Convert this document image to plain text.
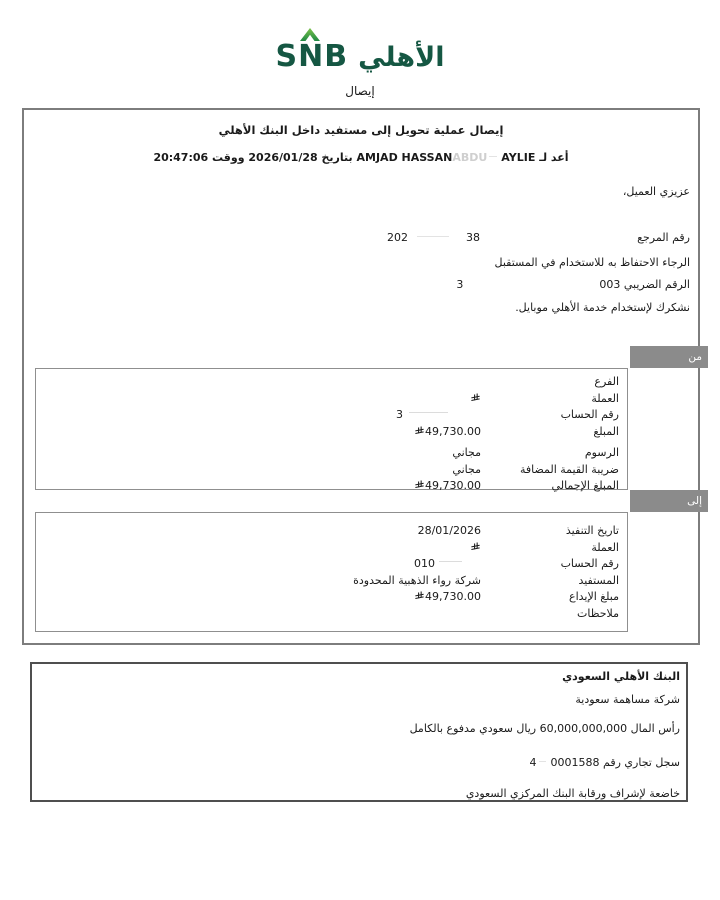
SNB الأهلي
إيصال
إيصال عملية تحويل إلى مستفيد داخل البنك الأهلي
أعد لـ AMJAD HASSANABDU AYLIE بتاريخ 2026/01/28 ووقت 20:47:06
عزيزي العميل،
رقم المرجع
202	38
الرجاء الاحتفاظ به للاستخدام في المستقبل
الرقم الضريبي 3	003
نشكرك لإستخدام خدمة الأهلي موبايل.
من
الفرع
العملة
رقم الحساب
3
المبلغ
49,730.00
الرسوم
مجاني
ضريبة القيمة المضافة
مجاني
المبلغ الإجمالي
49,730.00
إلى
تاريخ التنفيذ
28/01/2026
العملة
رقم الحساب
010
المستفيد
شركة رواء الذهبية المحدودة
مبلغ الإيداع
49,730.00
ملاحظات
البنك الأهلي السعودي
شركة مساهمة سعودية
رأس المال 60,000,000,000 ريال سعودي مدفوع بالكامل
سجل تجاري رقم 4 0001588
خاضعة لإشراف ورقابة البنك المركزي السعودي
